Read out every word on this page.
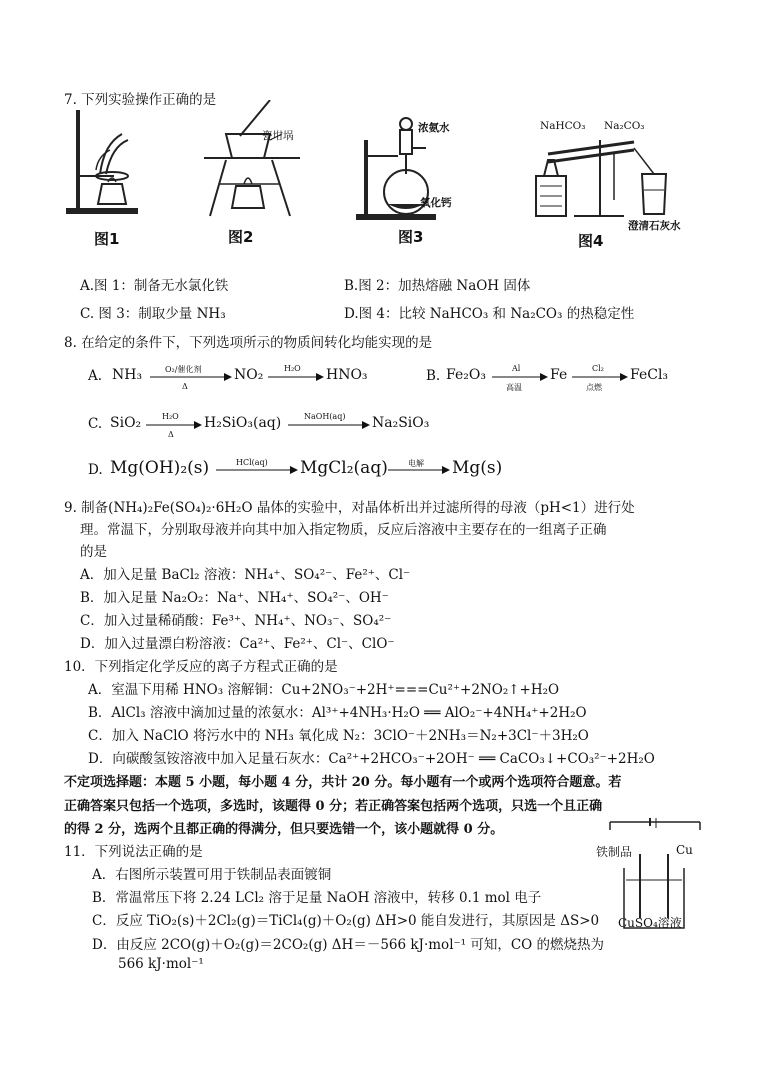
7. 下列实验操作正确的是
图1
瓷坩埚
图2
浓氨水
氧化钙
图3
NaHCO₃ Na₂CO₃
澄清石灰水
图4
A.图 1：制备无水氯化铁	B.图 2：加热熔融 NaOH 固体
C. 图 3：制取少量 NH₃	D.图 4：比较 NaHCO₃ 和 Na₂CO₃ 的热稳定性
8. 在给定的条件下，下列选项所示的物质间转化均能实现的是
A. NH₃	O₂/催化剂
Δ
NO₂	H₂O HNO₃	B. Fe₂O₃	Al
高温
Fe	Cl₂
点燃
FeCl₃
C. SiO₂	H₂O
Δ
H₂SiO₃(aq)	NaOH(aq) Na₂SiO₃
D. Mg(OH)₂(s)	HCl(aq) MgCl₂(aq)	电解 Mg(s)
9. 制备(NH₄)₂Fe(SO₄)₂·6H₂O 晶体的实验中，对晶体析出并过滤所得的母液（pH<1）进行处
理。常温下，分别取母液并向其中加入指定物质，反应后溶液中主要存在的一组离子正确
的是
A．加入足量 BaCl₂ 溶液：NH₄⁺、SO₄²⁻、Fe²⁺、Cl⁻
B．加入足量 Na₂O₂：Na⁺、NH₄⁺、SO₄²⁻、OH⁻
C．加入过量稀硝酸：Fe³⁺、NH₄⁺、NO₃⁻、SO₄²⁻
D．加入过量漂白粉溶液：Ca²⁺、Fe²⁺、Cl⁻、ClO⁻
10．下列指定化学反应的离子方程式正确的是
A．室温下用稀 HNO₃ 溶解铜：Cu+2NO₃⁻+2H⁺===Cu²⁺+2NO₂↑+H₂O
B．AlCl₃ 溶液中滴加过量的浓氨水：Al³⁺+4NH₃·H₂O ══ AlO₂⁻+4NH₄⁺+2H₂O
C．加入 NaClO 将污水中的 NH₃ 氧化成 N₂：3ClO⁻＋2NH₃＝N₂+3Cl⁻＋3H₂O
D．向碳酸氢铵溶液中加入足量石灰水：Ca²⁺+2HCO₃⁻+2OH⁻ ══ CaCO₃↓+CO₃²⁻+2H₂O
不定项选择题：本题 5 小题，每小题 4 分，共计 20 分。每小题有一个或两个选项符合题意。若
正确答案只包括一个选项，多选时，该题得 0 分；若正确答案包括两个选项，只选一个且正确
的得 2 分，选两个且都正确的得满分，但只要选错一个，该小题就得 0 分。
11．下列说法正确的是
A．右图所示装置可用于铁制品表面镀铜
B．常温常压下将 2.24 LCl₂ 溶于足量 NaOH 溶液中，转移 0.1 mol 电子
C．反应 TiO₂(s)＋2Cl₂(g)＝TiCl₄(g)＋O₂(g) ΔH>0 能自发进行，其原因是 ΔS>0
D．由反应 2CO(g)＋O₂(g)＝2CO₂(g) ΔH＝－566 kJ·mol⁻¹ 可知，CO 的燃烧热为
566 kJ·mol⁻¹
铁制品	Cu
CuSO₄溶液
